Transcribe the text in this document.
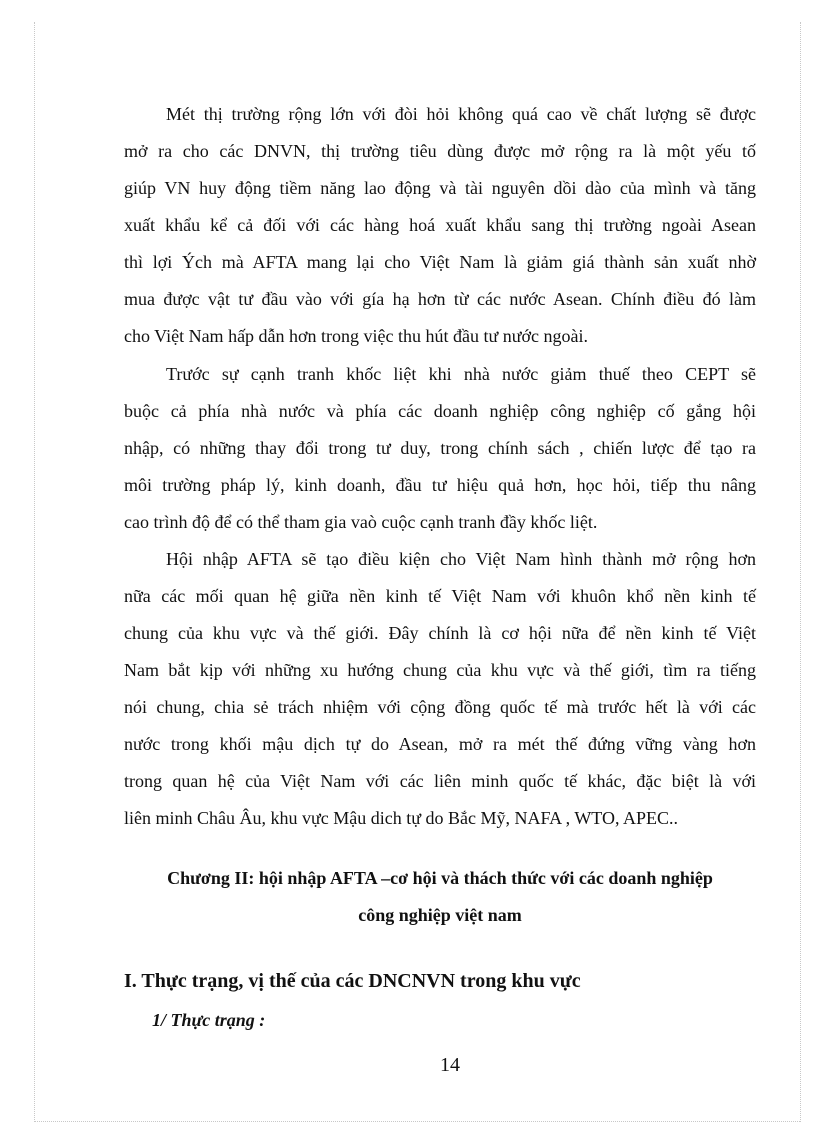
Mét thị trường rộng lớn với đòi hỏi không quá cao về chất lượng sẽ được
mở ra cho các DNVN, thị trường tiêu dùng được mở rộng ra là một yếu tố
giúp VN huy động tiềm năng lao động và tài nguyên dồi dào của mình và tăng
xuất khẩu kể cả đối với các hàng hoá xuất khẩu sang thị trường ngoài Asean
thì lợi Ých mà AFTA mang lại cho Việt Nam là giảm giá thành sản xuất nhờ
mua được vật tư đầu vào với gía hạ hơn từ các nước Asean. Chính điều đó làm
cho Việt Nam hấp dẫn hơn trong việc thu hút đầu tư nước ngoài.
Trước sự cạnh tranh khốc liệt khi nhà nước giảm thuế theo CEPT sẽ
buộc cả phía nhà nước và phía các doanh nghiệp công nghiệp cố gắng hội
nhập, có những thay đổi trong tư duy, trong chính sách , chiến lược để tạo ra
môi trường pháp lý, kinh doanh, đầu tư hiệu quả hơn, học hỏi, tiếp thu nâng
cao trình độ để có thể tham gia vaò cuộc cạnh tranh đầy khốc liệt.
Hội nhập AFTA sẽ tạo điều kiện cho Việt Nam hình thành mở rộng hơn
nữa các mối quan hệ giữa nền kinh tế Việt Nam với khuôn khổ nền kinh tế
chung của khu vực và thế giới. Đây chính là cơ hội nữa để nền kinh tế Việt
Nam bắt kịp với những xu hướng chung của khu vực và thế giới, tìm ra tiếng
nói chung, chia sẻ trách nhiệm với cộng đồng quốc tế mà trước hết là với các
nước trong khối mậu dịch tự do Asean, mở ra mét thế đứng vững vàng hơn
trong quan hệ của Việt Nam với các liên minh quốc tế khác, đặc biệt là với
liên minh Châu Âu, khu vực Mậu dich tự do Bắc Mỹ, NAFA , WTO, APEC..
Chương II: hội nhập AFTA –cơ hội và thách thức với các doanh nghiệp
công nghiệp việt nam
I. Thực trạng, vị thế của các DNCNVN trong khu vực
1/ Thực trạng :
14
